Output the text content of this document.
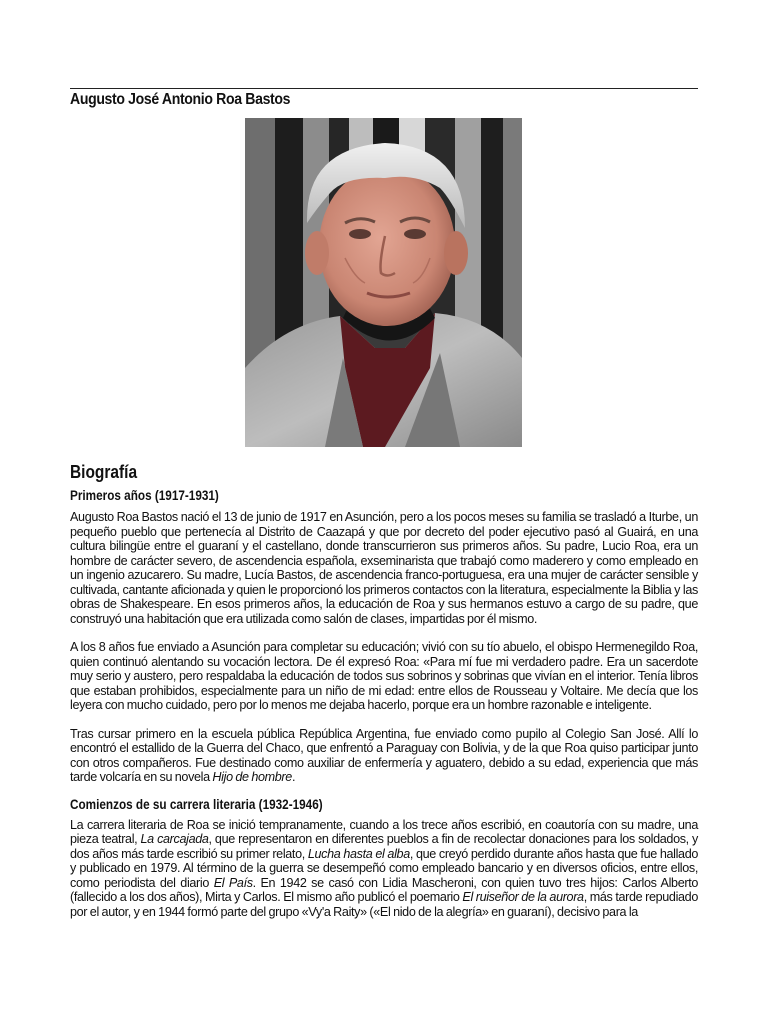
Augusto José Antonio Roa Bastos
Biografía
Primeros años (1917-1931)

Augusto Roa Bastos nació el 13 de junio de 1917 en Asunción, pero a los pocos meses su familia se trasladó a Iturbe, un pequeño pueblo que pertenecía al Distrito de Caazapá y que por decreto del poder ejecutivo pasó al Guairá, en una cultura bilingüe entre el guaraní y el castellano, donde transcurrieron sus primeros años. Su padre, Lucio Roa, era un hombre de carácter severo, de ascendencia española, exseminarista que trabajó como maderero y como empleado en un ingenio azucarero. Su madre, Lucía Bastos, de ascendencia franco-portuguesa, era una mujer de carácter sensible y cultivada, cantante aficionada y quien le proporcionó los primeros contactos con la literatura, especialmente la Biblia y las obras de Shakespeare. En esos primeros años, la educación de Roa y sus hermanos estuvo a cargo de su padre, que construyó una habitación que era utilizada como salón de clases, impartidas por él mismo.

A los 8 años fue enviado a Asunción para completar su educación; vivió con su tío abuelo, el obispo Hermenegildo Roa, quien continuó alentando su vocación lectora. De él expresó Roa: «Para mí fue mi verdadero padre. Era un sacerdote muy serio y austero, pero respaldaba la educación de todos sus sobrinos y sobrinas que vivían en el interior. Tenía libros que estaban prohibidos, especialmente para un niño de mi edad: entre ellos de Rousseau y Voltaire. Me decía que los leyera con mucho cuidado, pero por lo menos me dejaba hacerlo, porque era un hombre razonable e inteligente.

Tras cursar primero en la escuela pública República Argentina, fue enviado como pupilo al Colegio San José. Allí lo encontró el estallido de la Guerra del Chaco, que enfrentó a Paraguay con Bolivia, y de la que Roa quiso participar junto con otros compañeros. Fue destinado como auxiliar de enfermería y aguatero, debido a su edad, experiencia que más tarde volcaría en su novela Hijo de hombre.

Comienzos de su carrera literaria (1932-1946)

La carrera literaria de Roa se inició tempranamente, cuando a los trece años escribió, en coautoría con su madre, una pieza teatral, La carcajada, que representaron en diferentes pueblos a fin de recolectar donaciones para los soldados, y dos años más tarde escribió su primer relato, Lucha hasta el alba, que creyó perdido durante años hasta que fue hallado y publicado en 1979. Al término de la guerra se desempeñó como empleado bancario y en diversos oficios, entre ellos, como periodista del diario El País. En 1942 se casó con Lidia Mascheroni, con quien tuvo tres hijos: Carlos Alberto (fallecido a los dos años), Mirta y Carlos. El mismo año publicó el poemario El ruiseñor de la aurora, más tarde repudiado por el autor, y en 1944 formó parte del grupo «Vy'a Raity» («El nido de la alegría» en guaraní), decisivo para la
